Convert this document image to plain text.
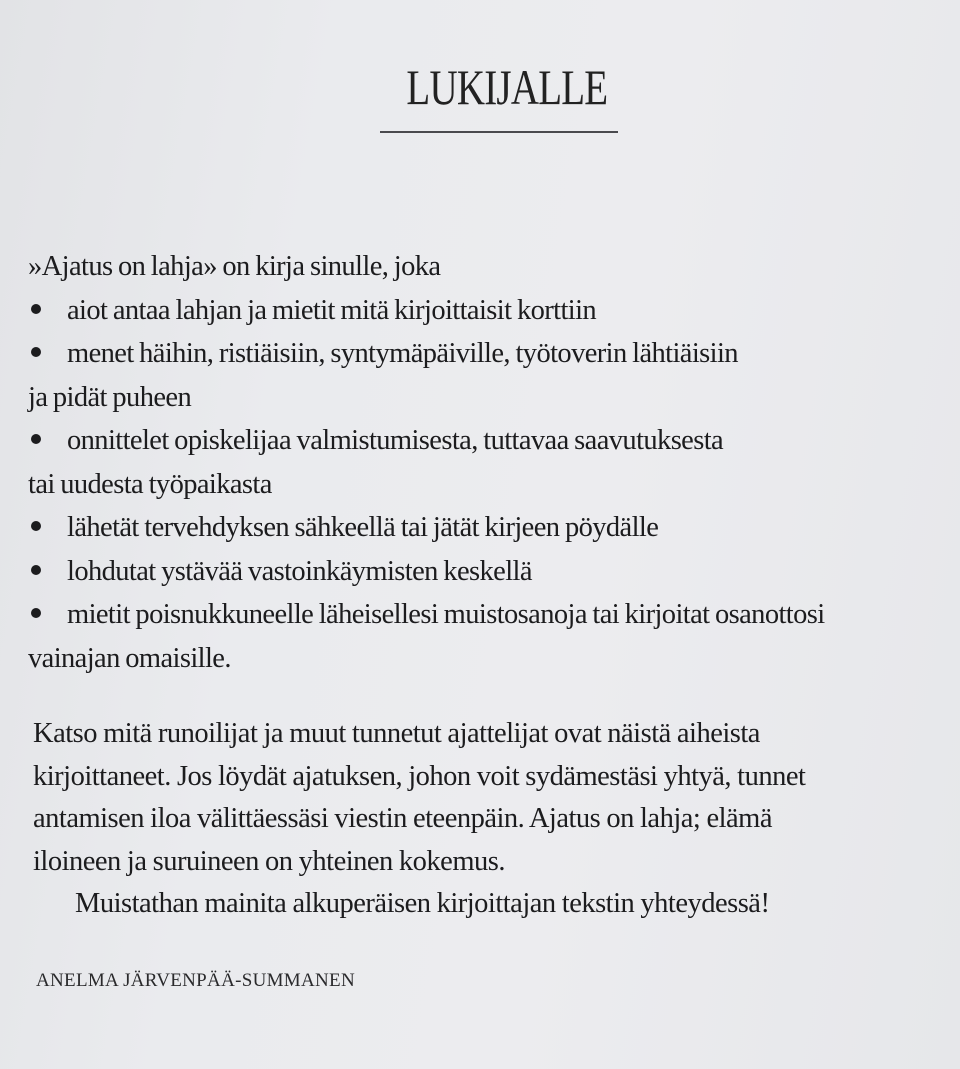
LUKIJALLE
»Ajatus on lahja» on kirja sinulle, joka
aiot antaa lahjan ja mietit mitä kirjoittaisit korttiin
menet häihin, ristiäisiin, syntymäpäiville, työtoverin lähtiäisiin
ja pidät puheen
onnittelet opiskelijaa valmistumisesta, tuttavaa saavutuksesta
tai uudesta työpaikasta
lähetät tervehdyksen sähkeellä tai jätät kirjeen pöydälle
lohdutat ystävää vastoinkäymisten keskellä
mietit poisnukkuneelle läheisellesi muistosanoja tai kirjoitat osanottosi
vainajan omaisille.
Katso mitä runoilijat ja muut tunnetut ajattelijat ovat näistä aiheista
kirjoittaneet. Jos löydät ajatuksen, johon voit sydämestäsi yhtyä, tunnet
antamisen iloa välittäessäsi viestin eteenpäin. Ajatus on lahja; elämä
iloineen ja suruineen on yhteinen kokemus.
Muistathan mainita alkuperäisen kirjoittajan tekstin yhteydessä!
ANELMA JÄRVENPÄÄ-SUMMANEN
